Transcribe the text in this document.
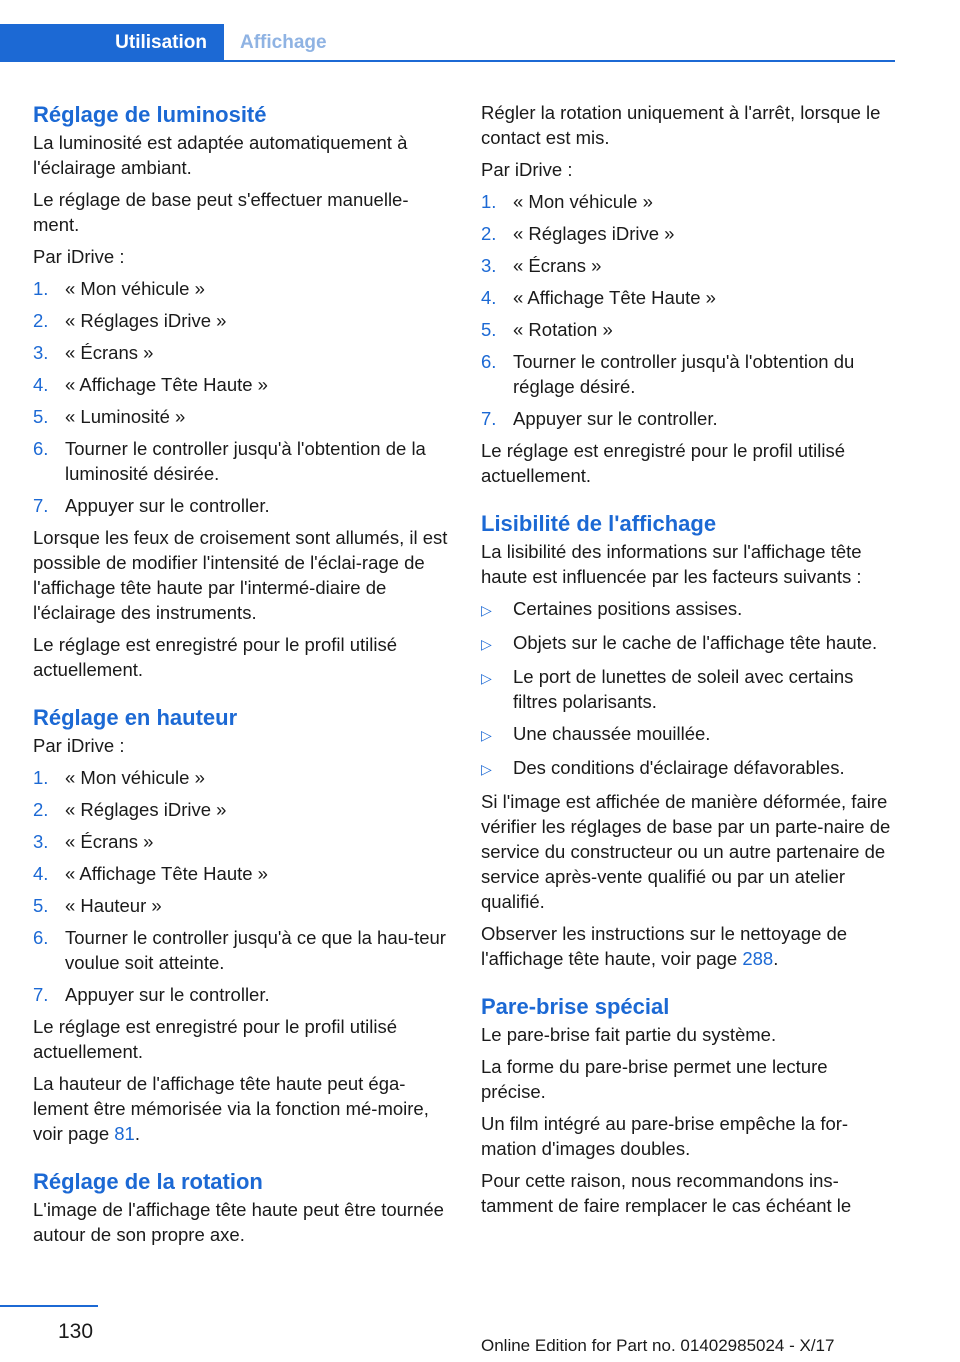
Utilisation	Affichage
Réglage de luminosité

La luminosité est adaptée automatiquement à l'éclairage ambiant.

Le réglage de base peut s'effectuer manuelle-ment.

Par iDrive :

1. « Mon véhicule »
2. « Réglages iDrive »
3. « Écrans »
4. « Affichage Tête Haute »
5. « Luminosité »
6. Tourner le controller jusqu'à l'obtention de la luminosité désirée.
7. Appuyer sur le controller.

Lorsque les feux de croisement sont allumés, il est possible de modifier l'intensité de l'éclai-rage de l'affichage tête haute par l'intermé-diaire de l'éclairage des instruments.

Le réglage est enregistré pour le profil utilisé actuellement.

Réglage en hauteur

Par iDrive :

1. « Mon véhicule »
2. « Réglages iDrive »
3. « Écrans »
4. « Affichage Tête Haute »
5. « Hauteur »
6. Tourner le controller jusqu'à ce que la hau-teur voulue soit atteinte.
7. Appuyer sur le controller.

Le réglage est enregistré pour le profil utilisé actuellement.

La hauteur de l'affichage tête haute peut éga-lement être mémorisée via la fonction mé-moire, voir page 81.

Réglage de la rotation

L'image de l'affichage tête haute peut être tournée autour de son propre axe.

Régler la rotation uniquement à l'arrêt, lorsque le contact est mis.

Par iDrive :

1. « Mon véhicule »
2. « Réglages iDrive »
3. « Écrans »
4. « Affichage Tête Haute »
5. « Rotation »
6. Tourner le controller jusqu'à l'obtention du réglage désiré.
7. Appuyer sur le controller.

Le réglage est enregistré pour le profil utilisé actuellement.

Lisibilité de l'affichage

La lisibilité des informations sur l'affichage tête haute est influencée par les facteurs suivants :

▷	Certaines positions assises.
▷	Objets sur le cache de l'affichage tête haute.
▷	Le port de lunettes de soleil avec certains filtres polarisants.
▷	Une chaussée mouillée.
▷	Des conditions d'éclairage défavorables.

Si l'image est affichée de manière déformée, faire vérifier les réglages de base par un parte-naire de service du constructeur ou un autre partenaire de service après-vente qualifié ou par un atelier qualifié.

Observer les instructions sur le nettoyage de l'affichage tête haute, voir page 288.

Pare-brise spécial

Le pare-brise fait partie du système.

La forme du pare-brise permet une lecture précise.

Un film intégré au pare-brise empêche la for-mation d'images doubles.

Pour cette raison, nous recommandons ins-tamment de faire remplacer le cas échéant le

130
Online Edition for Part no. 01402985024 - X/17
